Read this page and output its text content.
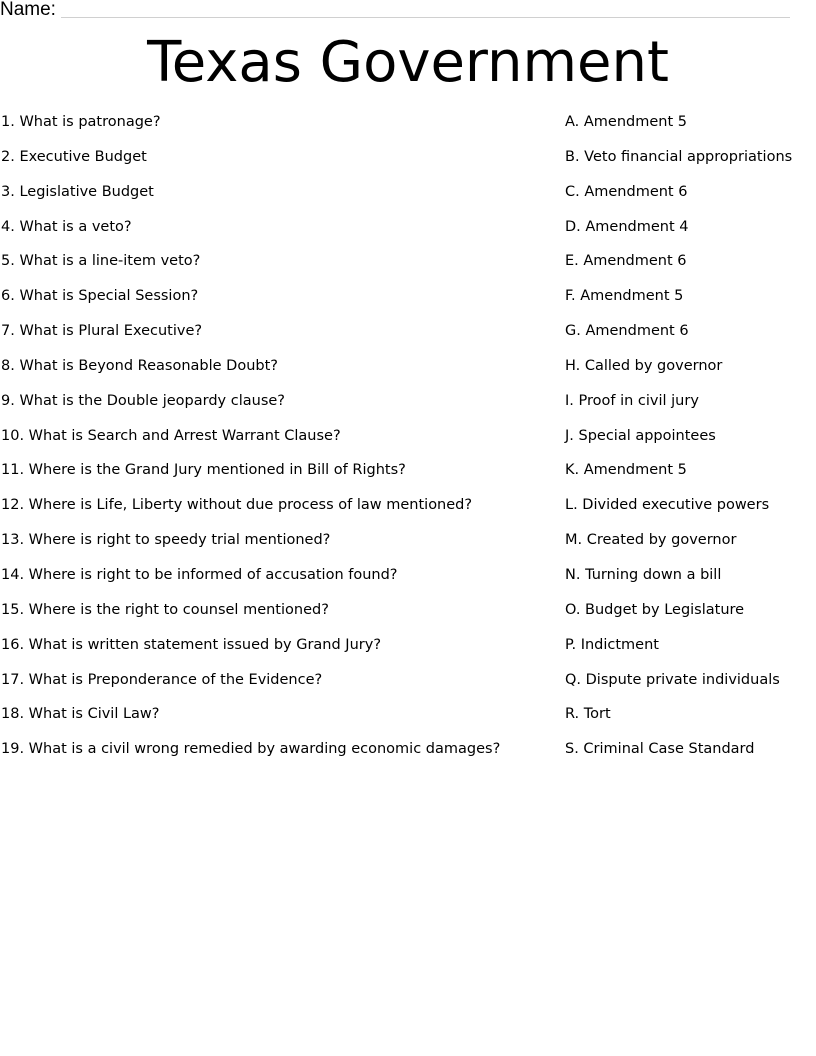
Name:
Texas Government
1. What is patronage?
2. Executive Budget
3. Legislative Budget
4. What is a veto?
5. What is a line-item veto?
6. What is Special Session?
7. What is Plural Executive?
8. What is Beyond Reasonable Doubt?
9. What is the Double jeopardy clause?
10. What is Search and Arrest Warrant Clause?
11. Where is the Grand Jury mentioned in Bill of Rights?
12. Where is Life, Liberty without due process of law mentioned?
13. Where is right to speedy trial mentioned?
14. Where is right to be informed of accusation found?
15. Where is the right to counsel mentioned?
16. What is written statement issued by Grand Jury?
17. What is Preponderance of the Evidence?
18. What is Civil Law?
19. What is a civil wrong remedied by awarding economic damages?
A. Amendment 5
B. Veto financial appropriations
C. Amendment 6
D. Amendment 4
E. Amendment 6
F. Amendment 5
G. Amendment 6
H. Called by governor
I. Proof in civil jury
J. Special appointees
K. Amendment 5
L. Divided executive powers
M. Created by governor
N. Turning down a bill
O. Budget by Legislature
P. Indictment
Q. Dispute private individuals
R. Tort
S. Criminal Case Standard
